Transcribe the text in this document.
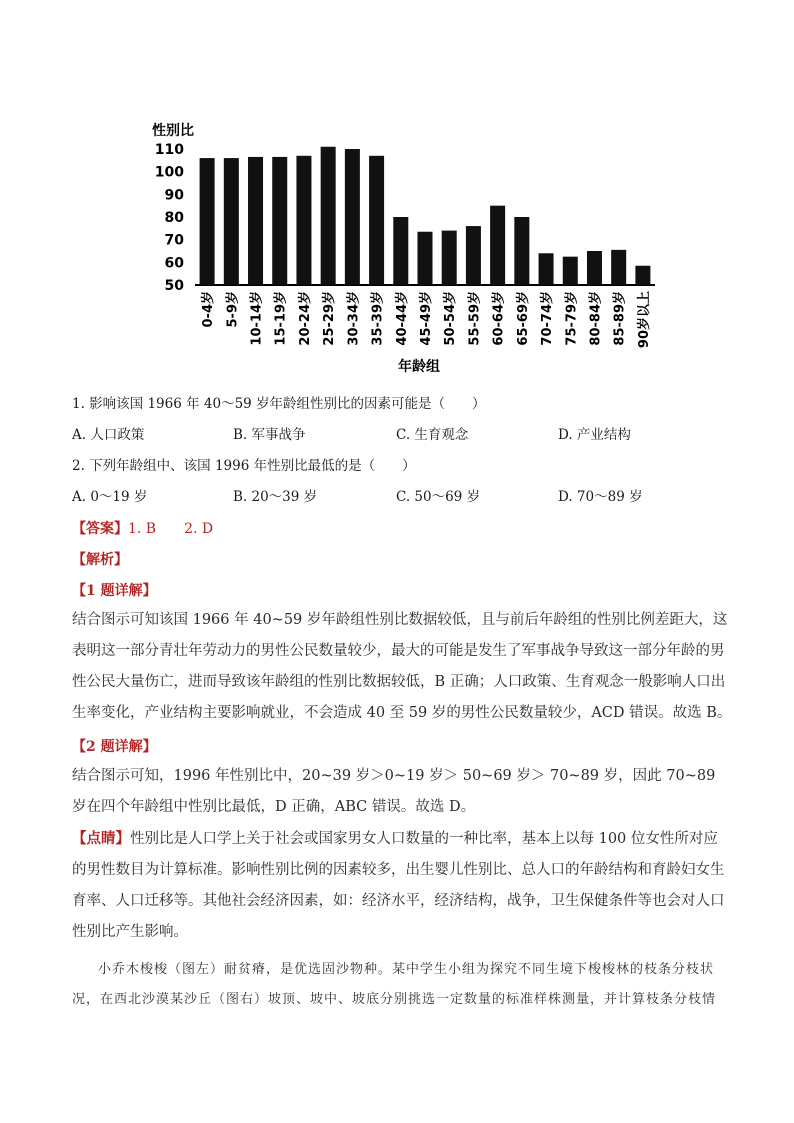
性别比
110
100
90
80
70
60
50
0-4岁 5-9岁 10-14岁 15-19岁 20-24岁 25-29岁 30-34岁 35-39岁 40-44岁 45-49岁 50-54岁 55-59岁 60-64岁 65-69岁 70-74岁 75-79岁 80-84岁 85-89岁 90岁以上
年龄组
1. 影响该国 1966 年 40～59 岁年龄组性别比的因素可能是（　　）
A. 人口政策	B. 军事战争	C. 生育观念	D. 产业结构
2. 下列年龄组中、该国 1996 年性别比最低的是（　　）
A. 0～19 岁	B. 20～39 岁	C. 50～69 岁	D. 70～89 岁
【答案】1. B　　2. D
【解析】
【1 题详解】
结合图示可知该国 1966 年 40~59 岁年龄组性别比数据较低，且与前后年龄组的性别比例差距大，这表明这一部分青壮年劳动力的男性公民数量较少，最大的可能是发生了军事战争导致这一部分年龄的男性公民大量伤亡，进而导致该年龄组的性别比数据较低，B 正确；人口政策、生育观念一般影响人口出生率变化，产业结构主要影响就业，不会造成 40 至 59 岁的男性公民数量较少，ACD 错误。故选 B。
【2 题详解】
结合图示可知，1996 年性别比中，20~39 岁＞0~19 岁＞ 50~69 岁＞ 70~89 岁，因此 70~89 岁在四个年龄组中性别比最低，D 正确，ABC 错误。故选 D。
【点睛】性别比是人口学上关于社会或国家男女人口数量的一种比率，基本上以每 100 位女性所对应的男性数目为计算标准。影响性别比例的因素较多，出生婴儿性别比、总人口的年龄结构和育龄妇女生育率、人口迁移等。其他社会经济因素，如：经济水平，经济结构，战争，卫生保健条件等也会对人口性别比产生影响。
小乔木梭梭（图左）耐贫瘠，是优选固沙物种。某中学生小组为探究不同生境下梭梭林的枝条分枝状况，在西北沙漠某沙丘（图右）坡顶、坡中、坡底分别挑选一定数量的标准样株测量，并计算枝条分枝情
